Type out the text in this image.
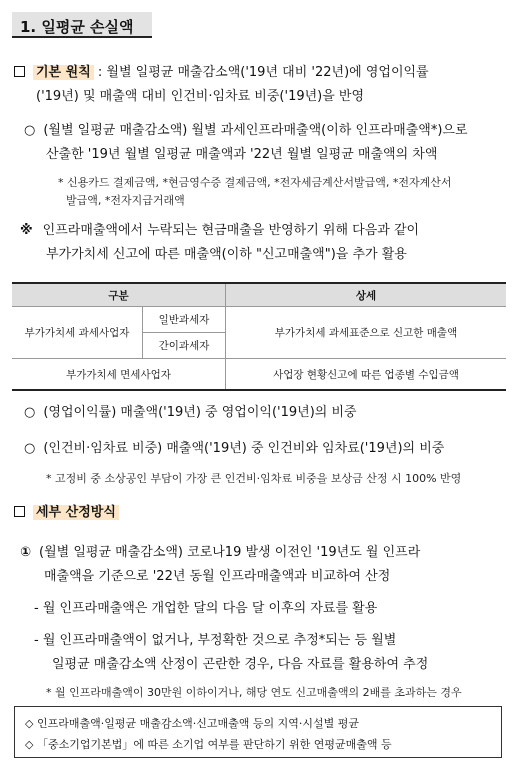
1. 일평균 손실액
기본 원칙 : 월별 일평균 매출감소액('19년 대비 '22년)에 영업이익률
('19년) 및 매출액 대비 인건비·임차료 비중('19년)을 반영
○ (월별 일평균 매출감소액) 월별 과세인프라매출액(이하 인프라매출액*)으로
산출한 '19년 월별 일평균 매출액과 '22년 월별 일평균 매출액의 차액
* 신용카드 결제금액, *현금영수증 결제금액, *전자세금계산서발급액, *전자계산서
발급액, *전자지급거래액
※ 인프라매출액에서 누락되는 현금매출을 반영하기 위해 다음과 같이
부가가치세 신고에 따른 매출액(이하 "신고매출액")을 추가 활용
구분		상세
부가가치세 과세사업자	일반과세자	부가가치세 과세표준으로 신고한 매출액
	간이과세자	
부가가치세 면세사업자		사업장 현황신고에 따른 업종별 수입금액
○ (영업이익률) 매출액('19년) 중 영업이익('19년)의 비중
○ (인건비·임차료 비중) 매출액('19년) 중 인건비와 임차료('19년)의 비중
* 고정비 중 소상공인 부담이 가장 큰 인건비·임차료 비중을 보상금 산정 시 100% 반영
세부 산정방식
① (월별 일평균 매출감소액) 코로나19 발생 이전인 '19년도 월 인프라
매출액을 기준으로 '22년 동월 인프라매출액과 비교하여 산정
- 월 인프라매출액은 개업한 달의 다음 달 이후의 자료를 활용
- 월 인프라매출액이 없거나, 부정확한 것으로 추정*되는 등 월별
일평균 매출감소액 산정이 곤란한 경우, 다음 자료를 활용하여 추정
* 월 인프라매출액이 30만원 이하이거나, 해당 연도 신고매출액의 2배를 초과하는 경우
◇ 인프라매출액·일평균 매출감소액·신고매출액 등의 지역·시설별 평균
◇ 「중소기업기본법」에 따른 소기업 여부를 판단하기 위한 연평균매출액 등
